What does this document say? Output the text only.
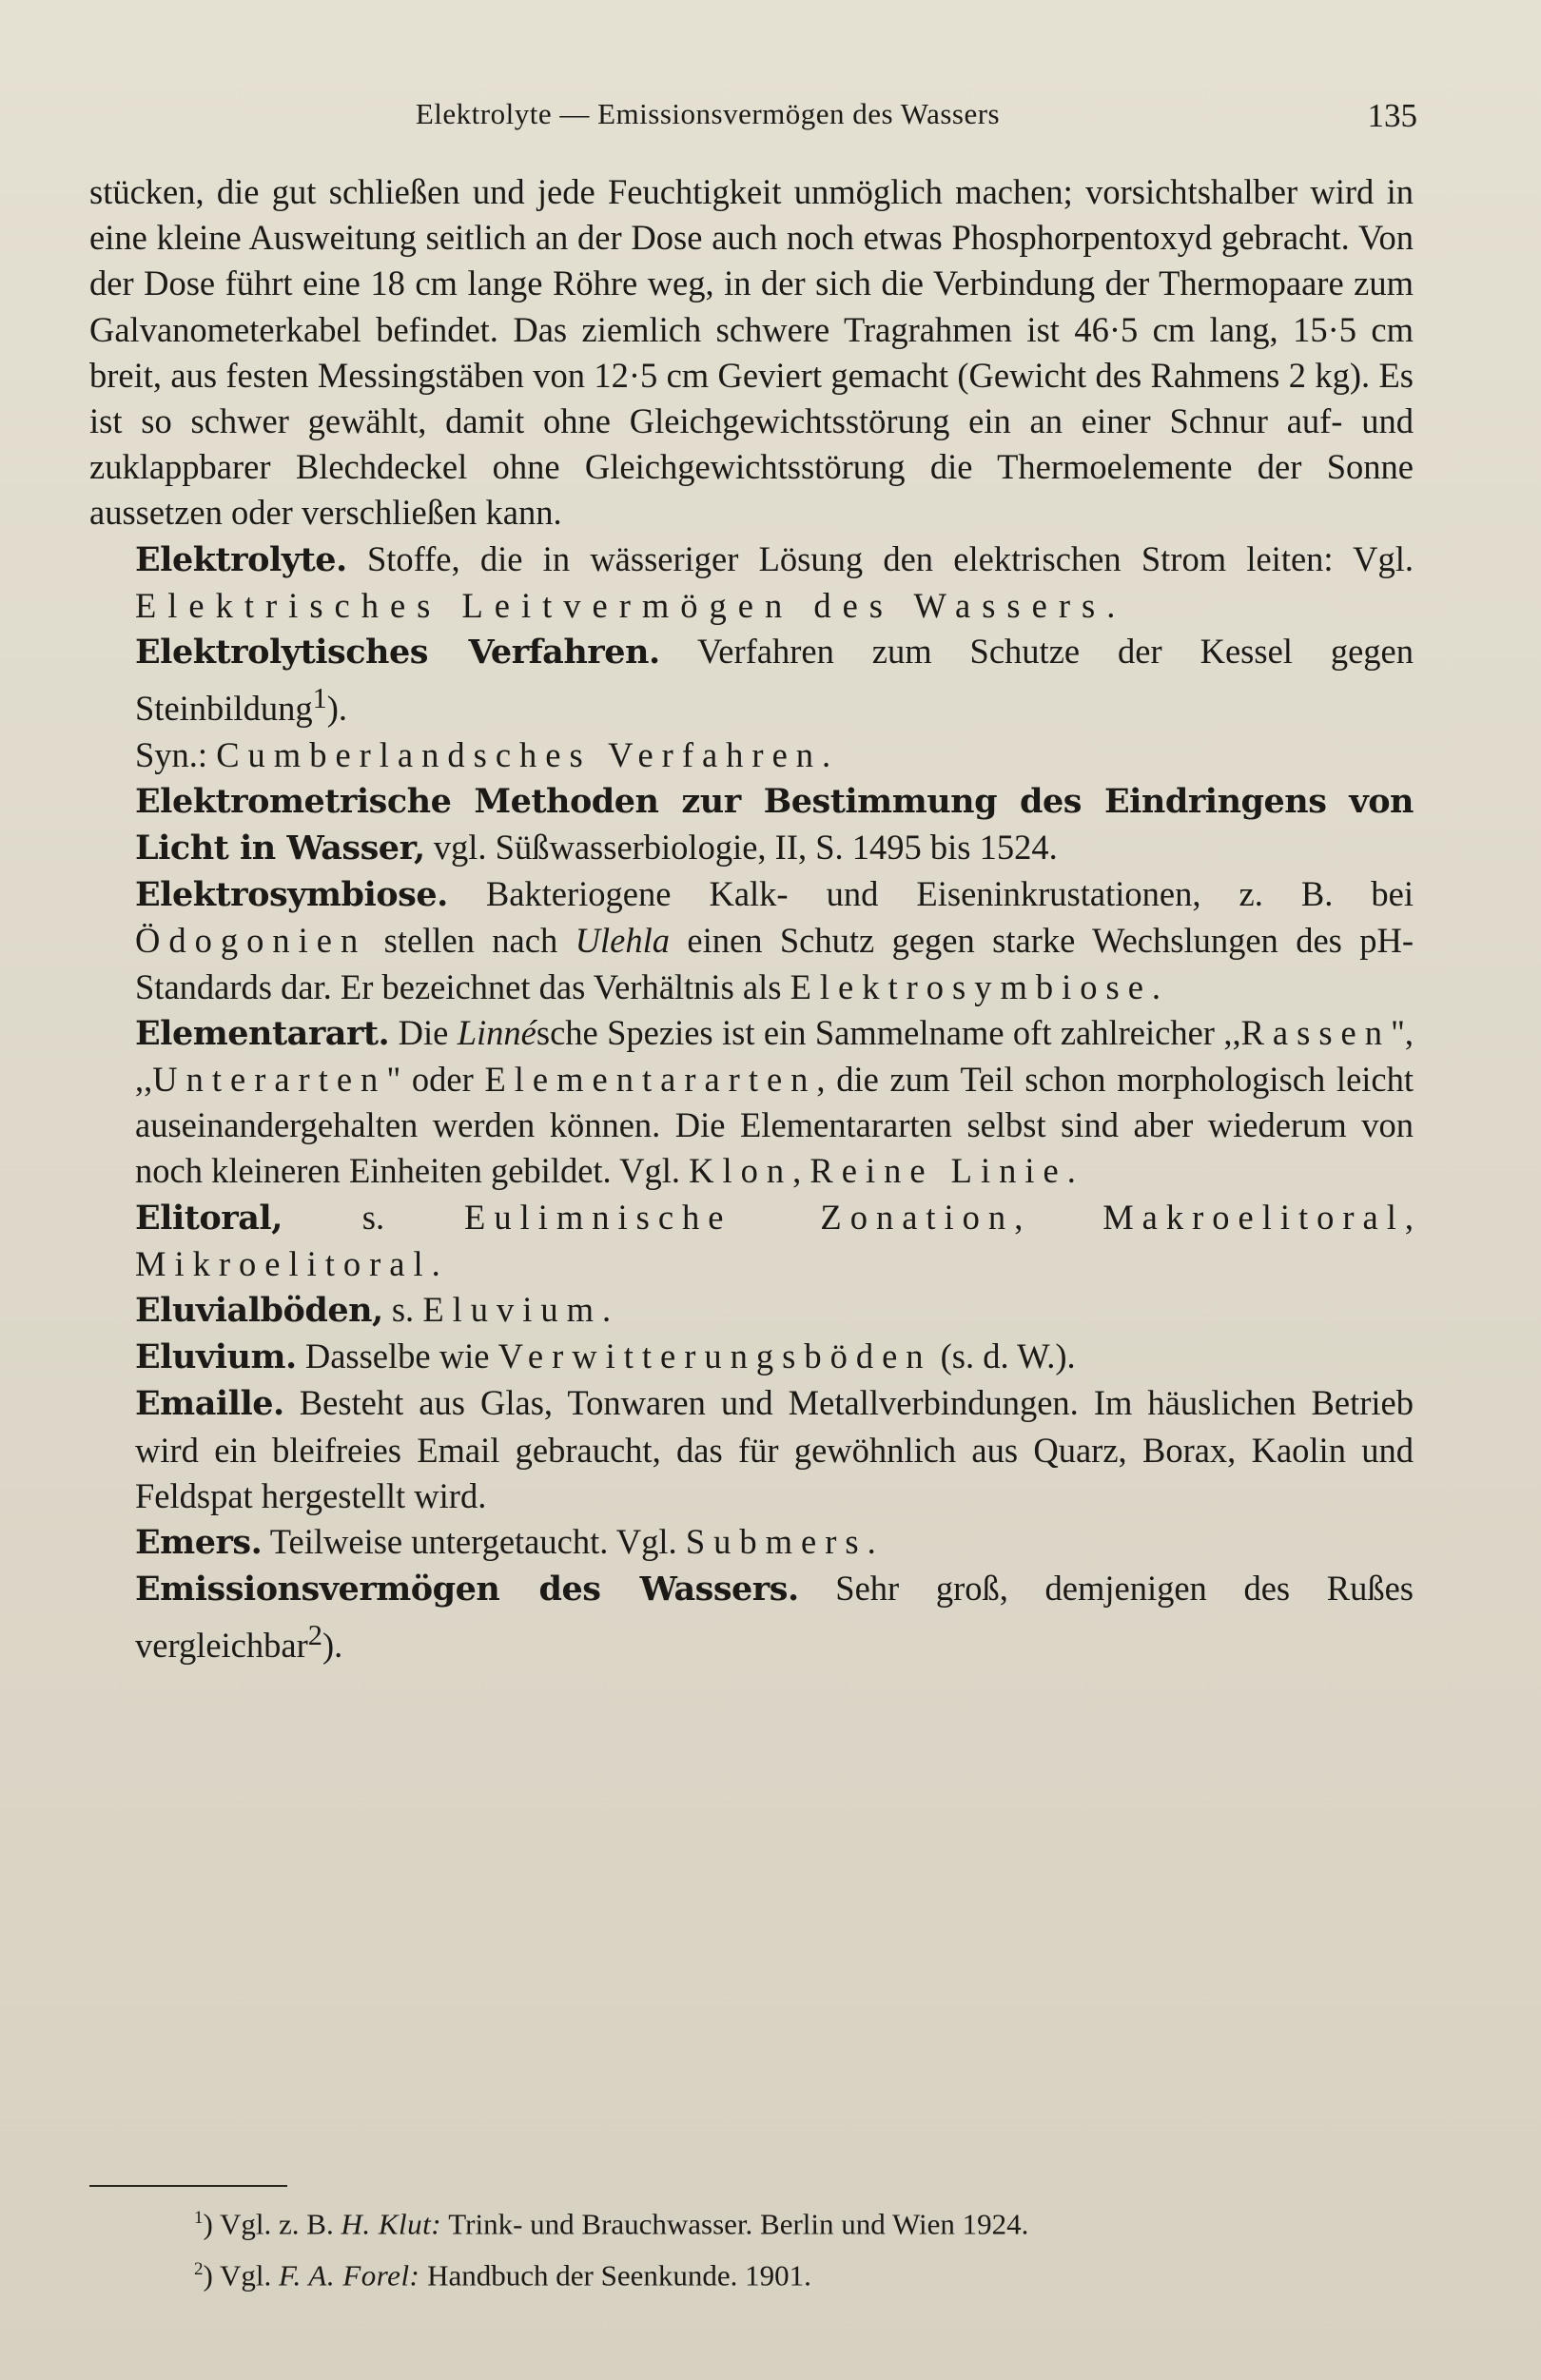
Elektrolyte — Emissionsvermögen des Wassers	135

stücken, die gut schließen und jede Feuchtigkeit unmöglich machen; vorsichtshalber wird in eine kleine Ausweitung seitlich an der Dose auch noch etwas Phosphorpentoxyd gebracht. Von der Dose führt eine 18 cm lange Röhre weg, in der sich die Verbindung der Thermopaare zum Galvanometerkabel befindet. Das ziemlich schwere Tragrahmen ist 46·5 cm lang, 15·5 cm breit, aus festen Messingstäben von 12·5 cm Geviert gemacht (Gewicht des Rahmens 2 kg). Es ist so schwer gewählt, damit ohne Gleichgewichtsstörung ein an einer Schnur auf- und zuklappbarer Blechdeckel ohne Gleichgewichtsstörung die Thermoelemente der Sonne aussetzen oder verschließen kann.

Elektrolyte. Stoffe, die in wässeriger Lösung den elektrischen Strom leiten: Vgl. Elektrisches Leitvermögen des Wassers.

Elektrolytisches Verfahren. Verfahren zum Schutze der Kessel gegen Steinbildung$^1$).

Syn.: Cumberlandsches Verfahren.

Elektrometrische Methoden zur Bestimmung des Eindringens von Licht in Wasser, vgl. Süßwasserbiologie, II, S. 1495 bis 1524.

Elektrosymbiose. Bakteriogene Kalk- und Eiseninkrustationen, z. B. bei Ödogonien stellen nach Ulehla einen Schutz gegen starke Wechslungen des pH-Standards dar. Er bezeichnet das Verhältnis als Elektrosymbiose.

Elementarart. Die Linnésche Spezies ist ein Sammelname oft zahlreicher ,,Rassen", ,,Unterarten" oder Elementararten, die zum Teil schon morphologisch leicht auseinandergehalten werden können. Die Elementararten selbst sind aber wiederum von noch kleineren Einheiten gebildet. Vgl. Klon, Reine Linie.

Elitoral, s. Eulimnische Zonation, Makroelitoral, Mikroelitoral.

Eluvialböden, s. Eluvium.

Eluvium. Dasselbe wie Verwitterungsböden (s. d. W.).

Emaille. Besteht aus Glas, Tonwaren und Metallverbindungen. Im häuslichen Betrieb wird ein bleifreies Email gebraucht, das für gewöhnlich aus Quarz, Borax, Kaolin und Feldspat hergestellt wird.

Emers. Teilweise untergetaucht. Vgl. Submers.

Emissionsvermögen des Wassers. Sehr groß, demjenigen des Rußes vergleichbar$^2$).

$^1$) Vgl. z. B. H. Klut: Trink- und Brauchwasser. Berlin und Wien 1924.
$^2$) Vgl. F. A. Forel: Handbuch der Seenkunde. 1901.
